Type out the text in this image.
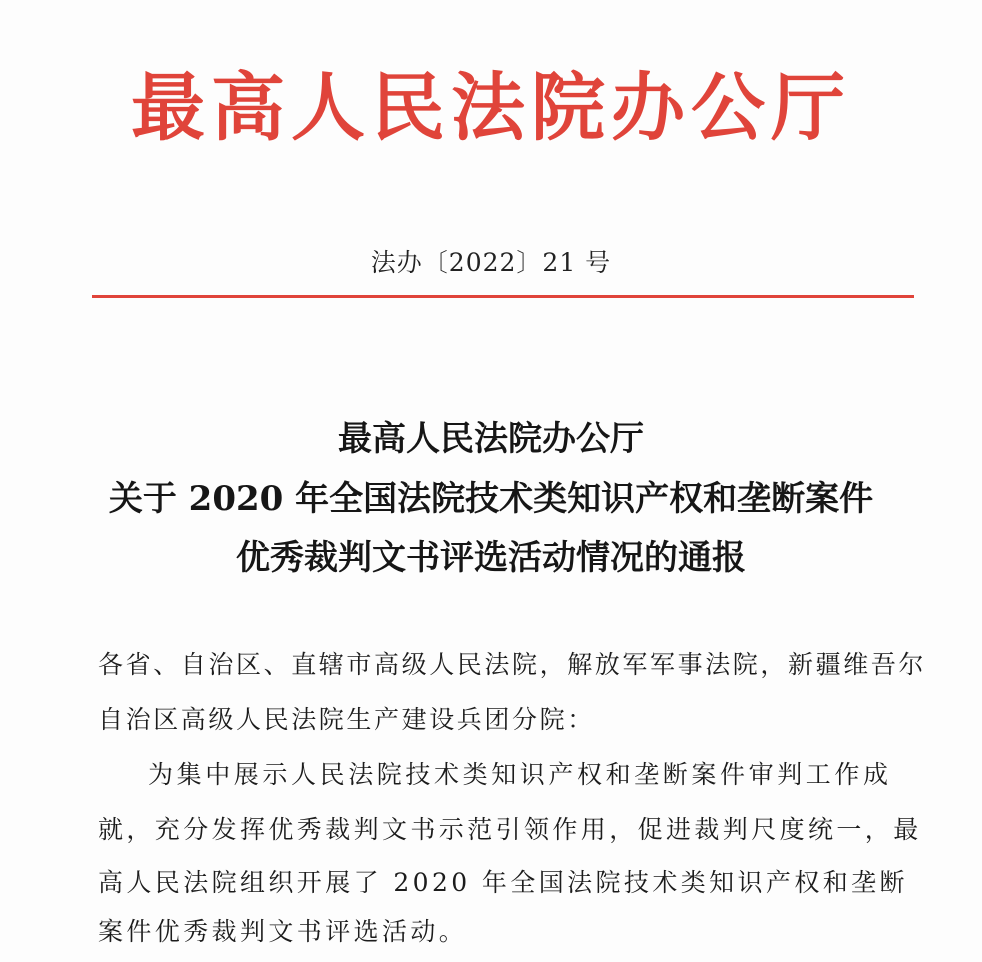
最高人民法院办公厅
法办〔2022〕21 号
最高人民法院办公厅
关于 2020 年全国法院技术类知识产权和垄断案件
优秀裁判文书评选活动情况的通报
各省、自治区、直辖市高级人民法院，解放军军事法院，新疆维吾尔
自治区高级人民法院生产建设兵团分院：
为集中展示人民法院技术类知识产权和垄断案件审判工作成
就，充分发挥优秀裁判文书示范引领作用，促进裁判尺度统一，最
高人民法院组织开展了 2020 年全国法院技术类知识产权和垄断
案件优秀裁判文书评选活动。
